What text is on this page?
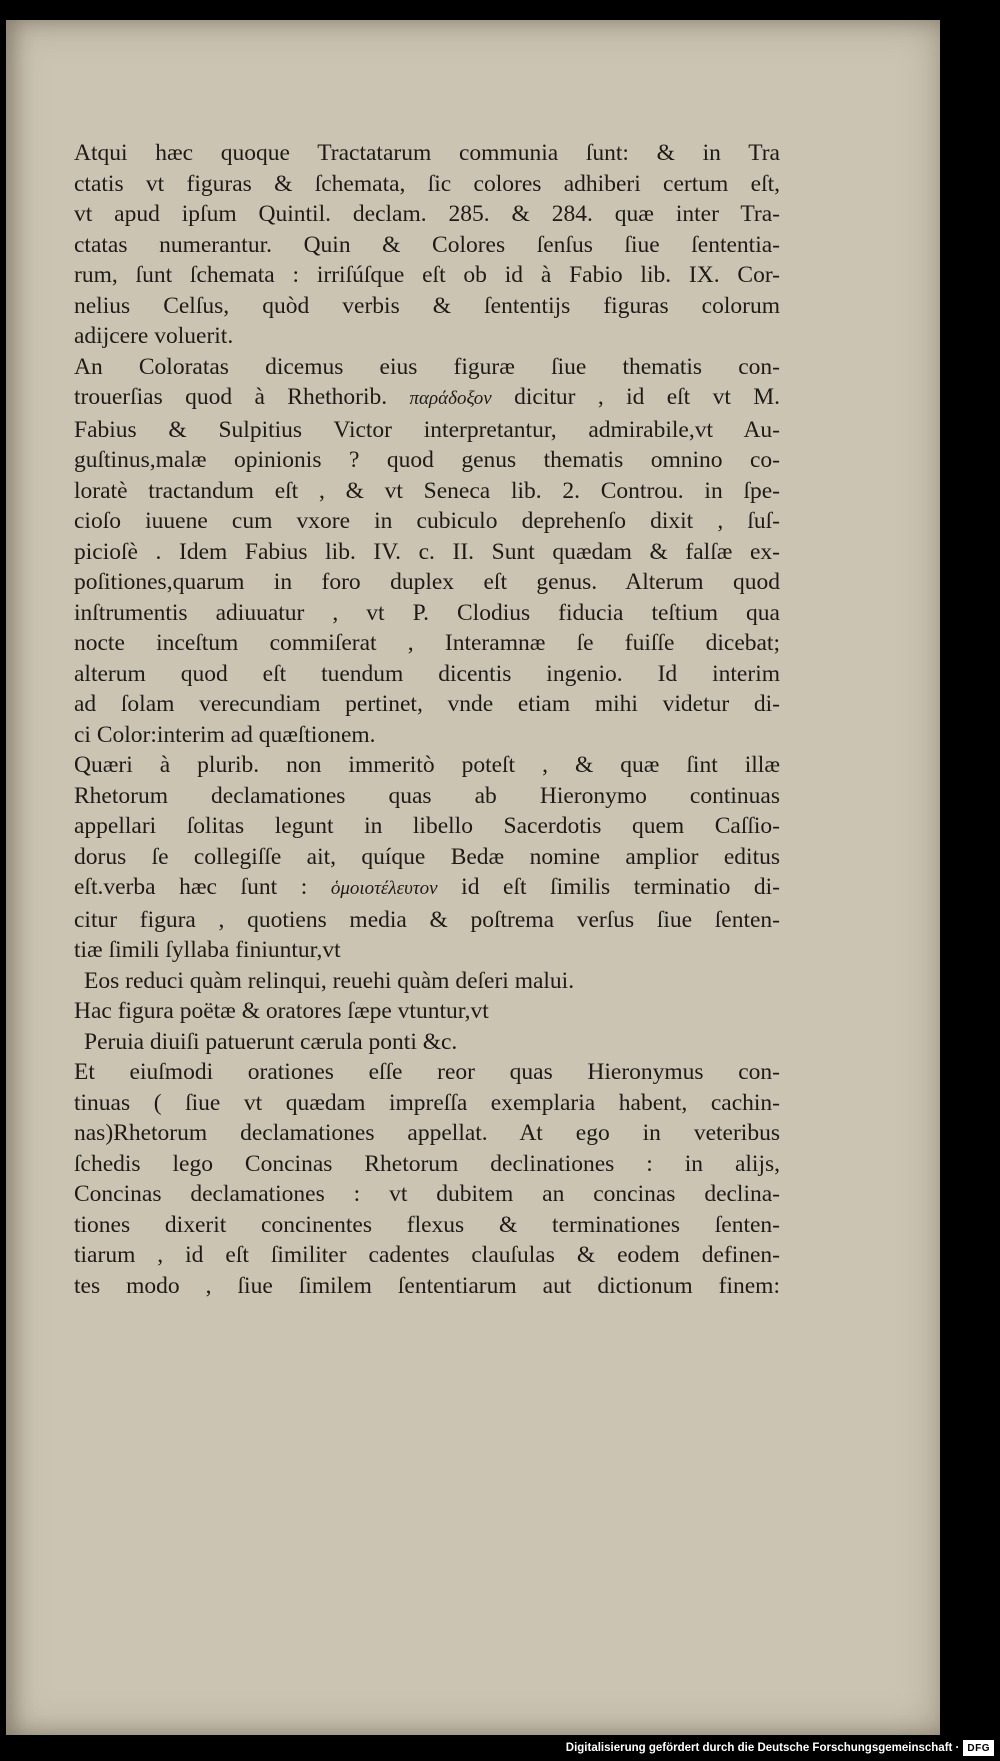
Atqui hæc quoque Tractatarum communia ſunt: & in Tra
ctatis vt figuras & ſchemata, ſic colores adhiberi certum eſt,
vt apud ipſum Quintil. declam. 285. & 284. quæ inter Tra-
ctatas numerantur. Quin & Colores ſenſus ſiue ſententia-
rum, ſunt ſchemata : irriſúſque eſt ob id à Fabio lib. IX. Cor-
nelius Celſus, quòd verbis & ſententijs figuras colorum
adijcere voluerit.
An Coloratas dicemus eius figuræ ſiue thematis con-
trouerſias quod à Rhethorib. παράδοξον dicitur , id eſt vt M.
Fabius & Sulpitius Victor interpretantur, admirabile,vt Au-
guſtinus,malæ opinionis ? quod genus thematis omnino co-
loratè tractandum eſt , & vt Seneca lib. 2. Controu. in ſpe-
cioſo iuuene cum vxore in cubiculo deprehenſo dixit , ſuſ-
picioſè . Idem Fabius lib. IV. c. II. Sunt quædam & falſæ ex-
poſitiones,quarum in foro duplex eſt genus. Alterum quod
inſtrumentis adiuuatur , vt P. Clodius fiducia teſtium qua
nocte inceſtum commiſerat , Interamnæ ſe fuiſſe dicebat;
alterum quod eſt tuendum dicentis ingenio. Id interim
ad ſolam verecundiam pertinet, vnde etiam mihi videtur di-
ci Color:interim ad quæſtionem.
Quæri à plurib. non immeritò poteſt , & quæ ſint illæ
Rhetorum declamationes quas ab Hieronymo continuas
appellari ſolitas legunt in libello Sacerdotis quem Caſſio-
dorus ſe collegiſſe ait, quíque Bedæ nomine amplior editus
eſt.verba hæc ſunt : ὁμοιοτέλευτον id eſt ſimilis terminatio di-
citur figura , quotiens media & poſtrema verſus ſiue ſenten-
tiæ ſimili ſyllaba finiuntur,vt
Eos reduci quàm relinqui, reuehi quàm deſeri malui.
Hac figura poëtæ & oratores ſæpe vtuntur,vt
Peruia diuiſi patuerunt cærula ponti &c.
Et eiuſmodi orationes eſſe reor quas Hieronymus con-
tinuas ( ſiue vt quædam impreſſa exemplaria habent, cachin-
nas)Rhetorum declamationes appellat. At ego in veteribus
ſchedis lego Concinas Rhetorum declinationes : in alijs,
Concinas declamationes : vt dubitem an concinas declina-
tiones dixerit concinentes flexus & terminationes ſenten-
tiarum , id eſt ſimiliter cadentes clauſulas & eodem definen-
tes modo , ſiue ſimilem ſententiarum aut dictionum finem:
Digitalisierung gefördert durch die Deutsche Forschungsgemeinschaft · DFG
